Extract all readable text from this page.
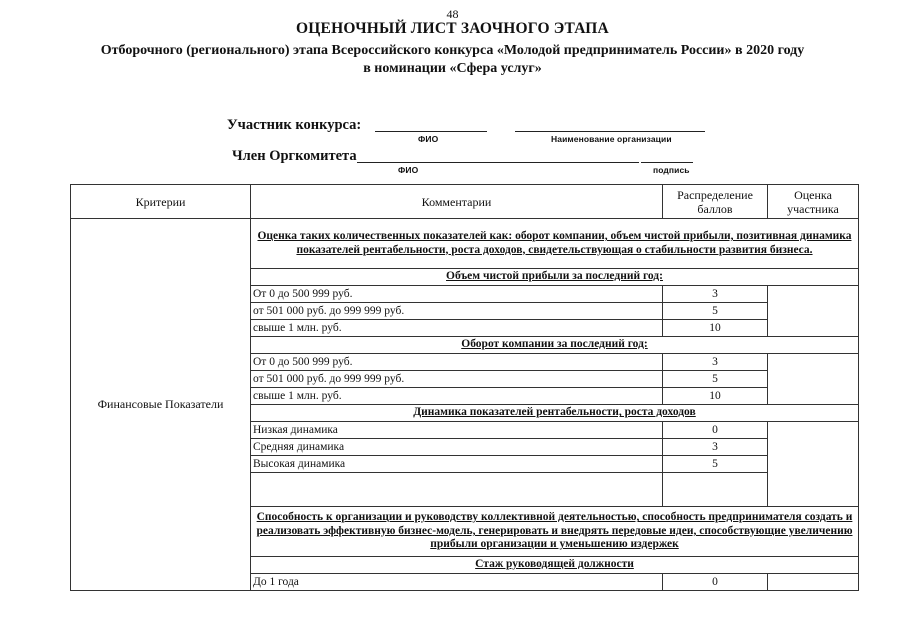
48
ОЦЕНОЧНЫЙ ЛИСТ ЗАОЧНОГО ЭТАПА
Отборочного (регионального) этапа Всероссийского конкурса «Молодой предприниматель России» в 2020 году
в номинации «Сфера услуг»
Участник конкурса:
ФИО	Наименование организации
Член Оргкомитета
ФИО	подпись
Критерии	Комментарии	Распределение баллов	Оценка участника
Финансовые Показатели	Оценка таких количественных показателей как: оборот компании, объем чистой прибыли, позитивная динамика показателей рентабельности, роста доходов, свидетельствующая о стабильности развития бизнеса.		
	Объем чистой прибыли за последний год:		
	От 0 до 500 999 руб.	3	
	от 501 000 руб. до 999 999 руб.	5	
	свыше 1 млн. руб.	10	
	Оборот компании за последний год:		
	От 0 до 500 999 руб.	3	
	от 501 000 руб. до 999 999 руб.	5	
	свыше 1 млн. руб.	10	
	Динамика показателей рентабельности, роста доходов		
	Низкая динамика	0	
	Средняя динамика	3	
	Высокая динамика	5	

	Способность к организации и руководству коллективной деятельностью, способность предпринимателя создать и реализовать эффективную бизнес-модель, генерировать и внедрять передовые идеи, способствующие увеличению прибыли организации и уменьшению издержек		
	Стаж руководящей должности		
	До 1 года	0	
